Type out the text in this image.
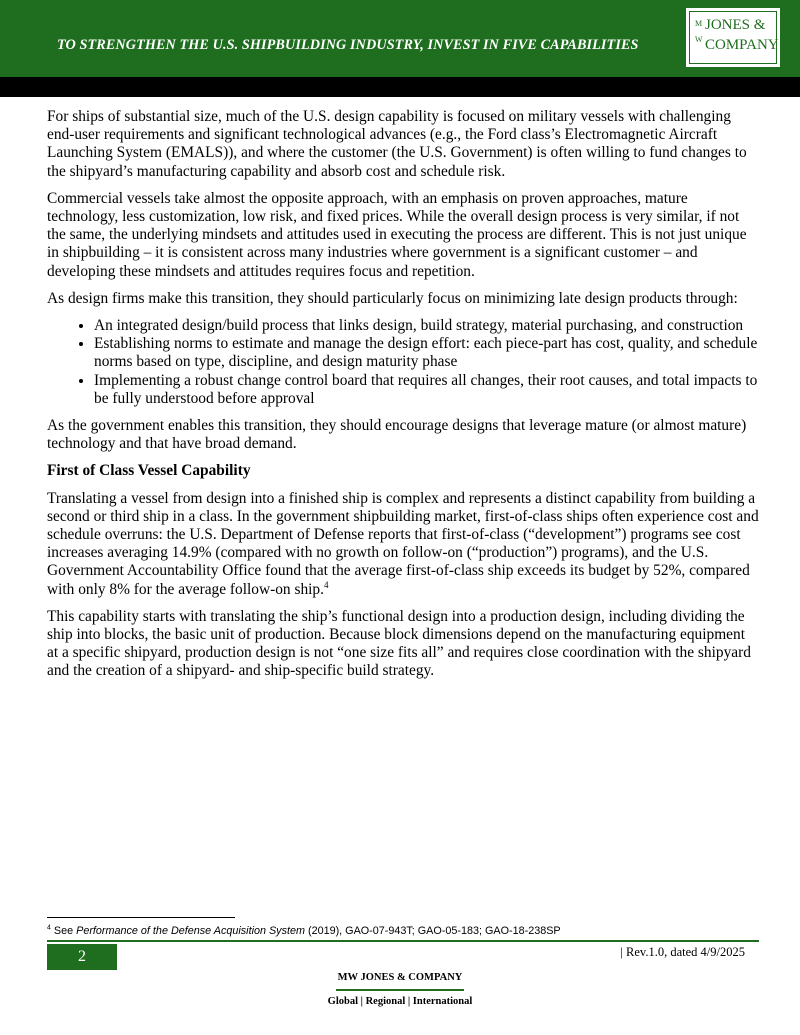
TO STRENGTHEN THE U.S. SHIPBUILDING INDUSTRY, INVEST IN FIVE CAPABILITIES
M
W
JONES &
COMPANY

For ships of substantial size, much of the U.S. design capability is focused on military vessels with challenging end-user requirements and significant technological advances (e.g., the Ford class’s Electromagnetic Aircraft Launching System (EMALS)), and where the customer (the U.S. Government) is often willing to fund changes to the shipyard’s manufacturing capability and absorb cost and schedule risk.

Commercial vessels take almost the opposite approach, with an emphasis on proven approaches, mature technology, less customization, low risk, and fixed prices. While the overall design process is very similar, if not the same, the underlying mindsets and attitudes used in executing the process are different. This is not just unique in shipbuilding – it is consistent across many industries where government is a significant customer – and developing these mindsets and attitudes requires focus and repetition.

As design firms make this transition, they should particularly focus on minimizing late design products through:

• An integrated design/build process that links design, build strategy, material purchasing, and construction
• Establishing norms to estimate and manage the design effort: each piece-part has cost, quality, and schedule norms based on type, discipline, and design maturity phase
• Implementing a robust change control board that requires all changes, their root causes, and total impacts to be fully understood before approval

As the government enables this transition, they should encourage designs that leverage mature (or almost mature) technology and that have broad demand.

First of Class Vessel Capability

Translating a vessel from design into a finished ship is complex and represents a distinct capability from building a second or third ship in a class. In the government shipbuilding market, first-of-class ships often experience cost and schedule overruns: the U.S. Department of Defense reports that first-of-class (“development”) programs see cost increases averaging 14.9% (compared with no growth on follow-on (“production”) programs), and the U.S. Government Accountability Office found that the average first-of-class ship exceeds its budget by 52%, compared with only 8% for the average follow-on ship.$^4$

This capability starts with translating the ship’s functional design into a production design, including dividing the ship into blocks, the basic unit of production. Because block dimensions depend on the manufacturing equipment at a specific shipyard, production design is not “one size fits all” and requires close coordination with the shipyard and the creation of a shipyard- and ship-specific build strategy.

$^4$ See Performance of the Defense Acquisition System (2019), GAO-07-943T; GAO-05-183; GAO-18-238SP
2	| Rev.1.0, dated 4/9/2025
MW JONES & COMPANY
Global | Regional | International
